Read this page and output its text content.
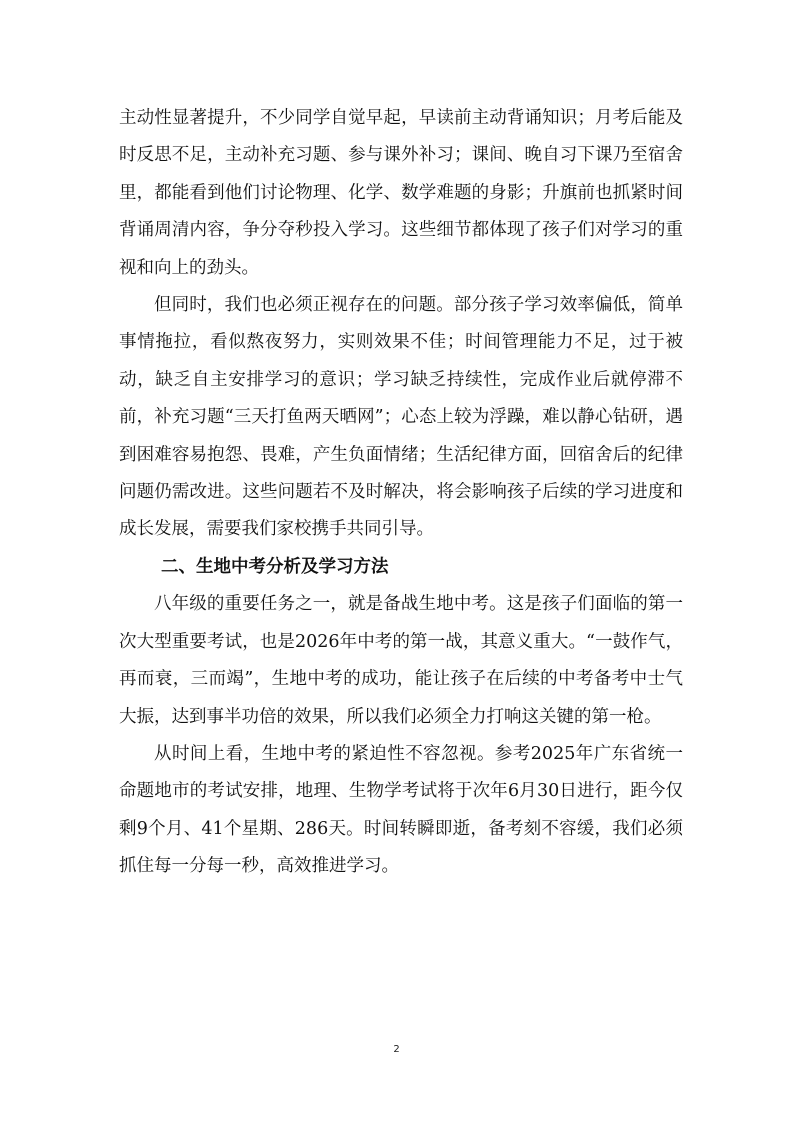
主动性显著提升，不少同学自觉早起，早读前主动背诵知识；月考后能及时反思不足，主动补充习题、参与课外补习；课间、晚自习下课乃至宿舍里，都能看到他们讨论物理、化学、数学难题的身影；升旗前也抓紧时间背诵周清内容，争分夺秒投入学习。这些细节都体现了孩子们对学习的重视和向上的劲头。

但同时，我们也必须正视存在的问题。部分孩子学习效率偏低，简单事情拖拉，看似熬夜努力，实则效果不佳；时间管理能力不足，过于被动，缺乏自主安排学习的意识；学习缺乏持续性，完成作业后就停滞不前，补充习题“三天打鱼两天晒网”；心态上较为浮躁，难以静心钻研，遇到困难容易抱怨、畏难，产生负面情绪；生活纪律方面，回宿舍后的纪律问题仍需改进。这些问题若不及时解决，将会影响孩子后续的学习进度和成长发展，需要我们家校携手共同引导。

二、生地中考分析及学习方法

八年级的重要任务之一，就是备战生地中考。这是孩子们面临的第一次大型重要考试，也是2026年中考的第一战，其意义重大。“一鼓作气，再而衰，三而竭”，生地中考的成功，能让孩子在后续的中考备考中士气大振，达到事半功倍的效果，所以我们必须全力打响这关键的第一枪。

从时间上看，生地中考的紧迫性不容忽视。参考2025年广东省统一命题地市的考试安排，地理、生物学考试将于次年6月30日进行，距今仅剩9个月、41个星期、286天。时间转瞬即逝，备考刻不容缓，我们必须抓住每一分每一秒，高效推进学习。

2
